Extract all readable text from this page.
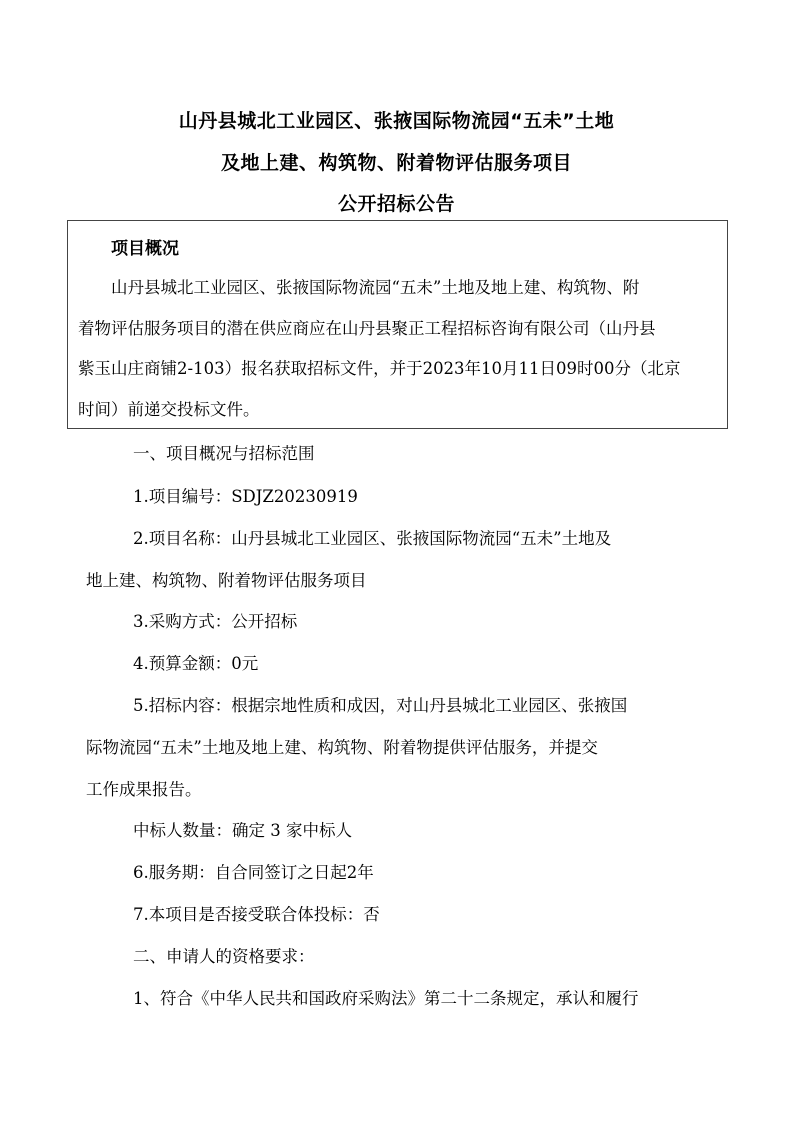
山丹县城北工业园区、张掖国际物流园“五未”土地
及地上建、构筑物、附着物评估服务项目
公开招标公告
项目概况
山丹县城北工业园区、张掖国际物流园“五未”土地及地上建、构筑物、附
着物评估服务项目的潜在供应商应在山丹县聚正工程招标咨询有限公司（山丹县
紫玉山庄商铺2-103）报名获取招标文件，并于2023年10月11日09时00分（北京
时间）前递交投标文件。
一、项目概况与招标范围
1.项目编号：SDJZ20230919
2.项目名称：山丹县城北工业园区、张掖国际物流园“五未”土地及
地上建、构筑物、附着物评估服务项目
3.采购方式：公开招标
4.预算金额：0元
5.招标内容：根据宗地性质和成因，对山丹县城北工业园区、张掖国
际物流园“五未”土地及地上建、构筑物、附着物提供评估服务，并提交
工作成果报告。
中标人数量：确定 3 家中标人
6.服务期：自合同签订之日起2年
7.本项目是否接受联合体投标：否
二、申请人的资格要求：
1、符合《中华人民共和国政府采购法》第二十二条规定，承认和履行
